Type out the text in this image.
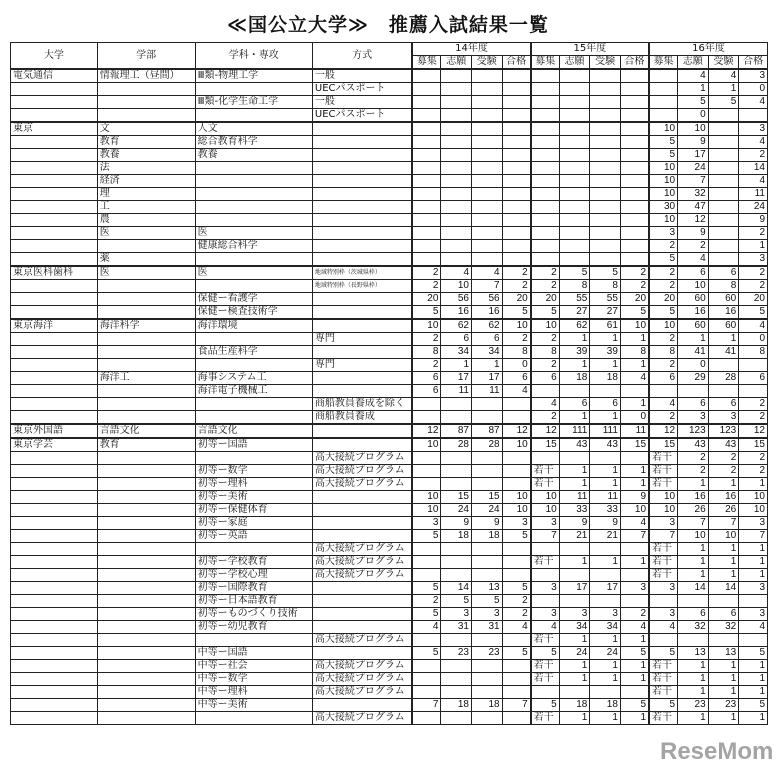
≪国公立大学≫　推薦入試結果一覧
大学	学部	学科・専攻	方式	14年度				15年度				16年度			
				募集	志願	受験	合格	募集	志願	受験	合格	募集	志願	受験	合格
電気通信	情報理工（昼間）	Ⅲ類-物理工学	一般										4	4	3
			UECパスポート										1	1	0
		Ⅲ類-化学生命工学	一般										5	5	4
			UECパスポート										0		
東京	文	人文										10	10		3
	教育	総合教育科学										5	9		4
	教養	教養										5	17		2
	法											10	24		14
	経済											10	7		4
	理											10	32		11
	工											30	47		24
	農											10	12		9
	医	医										3	9		2
		健康総合科学										2	2		1
	薬											5	4		3
東京医科歯科	医	医	地域特別枠（茨城県枠）	2	4	4	2	2	5	5	2	2	6	6	2
			地域特別枠（長野県枠）	2	10	7	2	2	8	8	2	2	10	8	2
		保健ー看護学		20	56	56	20	20	55	55	20	20	60	60	20
		保健ー検査技術学		5	16	16	5	5	27	27	5	5	16	16	5
東京海洋	海洋科学	海洋環境		10	62	62	10	10	62	61	10	10	60	60	4
			専門	2	6	6	2	2	1	1	1	2	1	1	0
		食品生産科学		8	34	34	8	8	39	39	8	8	41	41	8
			専門	2	1	1	0	2	1	1	1	2	0		
	海洋工	海事システム工		6	17	17	6	6	18	18	4	6	29	28	6
		海洋電子機械工		6	11	11	4								
			商船教員養成を除く					4	6	6	1	4	6	6	2
			商船教員養成					2	1	1	0	2	3	3	2
東京外国語	言語文化	言語文化		12	87	87	12	12	111	111	11	12	123	123	12
東京学芸	教育	初等ー国語		10	28	28	10	15	43	43	15	15	43	43	15
			高大接続プログラム									若干	2	2	2
		初等ー数学	高大接続プログラム					若干	1	1	1	若干	2	2	2
		初等ー理科	高大接続プログラム					若干	1	1	1	若干	1	1	1
		初等ー美術		10	15	15	10	10	11	11	9	10	16	16	10
		初等ー保健体育		10	24	24	10	10	33	33	10	10	26	26	10
		初等ー家庭		3	9	9	3	3	9	9	4	3	7	7	3
		初等ー英語		5	18	18	5	7	21	21	7	7	10	10	7
			高大接続プログラム									若干	1	1	1
		初等ー学校教育	高大接続プログラム					若干	1	1	1	若干	1	1	1
		初等ー学校心理	高大接続プログラム									若干	1	1	1
		初等ー国際教育		5	14	13	5	3	17	17	3	3	14	14	3
		初等ー日本語教育		2	5	5	2								
		初等ーものづくり技術		5	3	3	2	3	3	3	2	3	6	6	3
		初等ー幼児教育		4	31	31	4	4	34	34	4	4	32	32	4
			高大接続プログラム					若干	1	1	1				
		中等ー国語		5	23	23	5	5	24	24	5	5	13	13	5
		中等ー社会	高大接続プログラム					若干	1	1	1	若干	1	1	1
		中等ー数学	高大接続プログラム					若干	1	1	1	若干	1	1	1
		中等ー理科	高大接続プログラム									若干	1	1	1
		中等ー美術		7	18	18	7	5	18	18	5	5	23	23	5
			高大接続プログラム					若干	1	1	1	若干	1	1	1
ReseMom
